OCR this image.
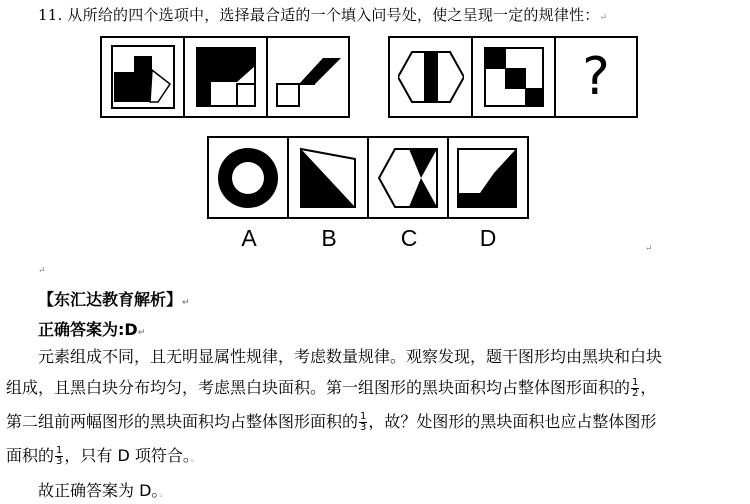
11. 从所给的四个选项中，选择最合适的一个填入问号处，使之呈现一定的规律性：↵
?
A	B	C	D	↵
↵
【东汇达教育解析】↵
正确答案为:D↵
元素组成不同，且无明显属性规律，考虑数量规律。观察发现，题干图形均由黑块和白块
组成，且黑白块分布均匀，考虑黑白块面积。第一组图形的黑块面积均占整体图形面积的 $\frac{1}{2}$ ，
第二组前两幅图形的黑块面积均占整体图形面积的 $\frac{1}{3}$ ，故？处图形的黑块面积也应占整体图形
面积的 $\frac{1}{3}$ ，只有 D 项符合。。
故正确答案为 D。。
